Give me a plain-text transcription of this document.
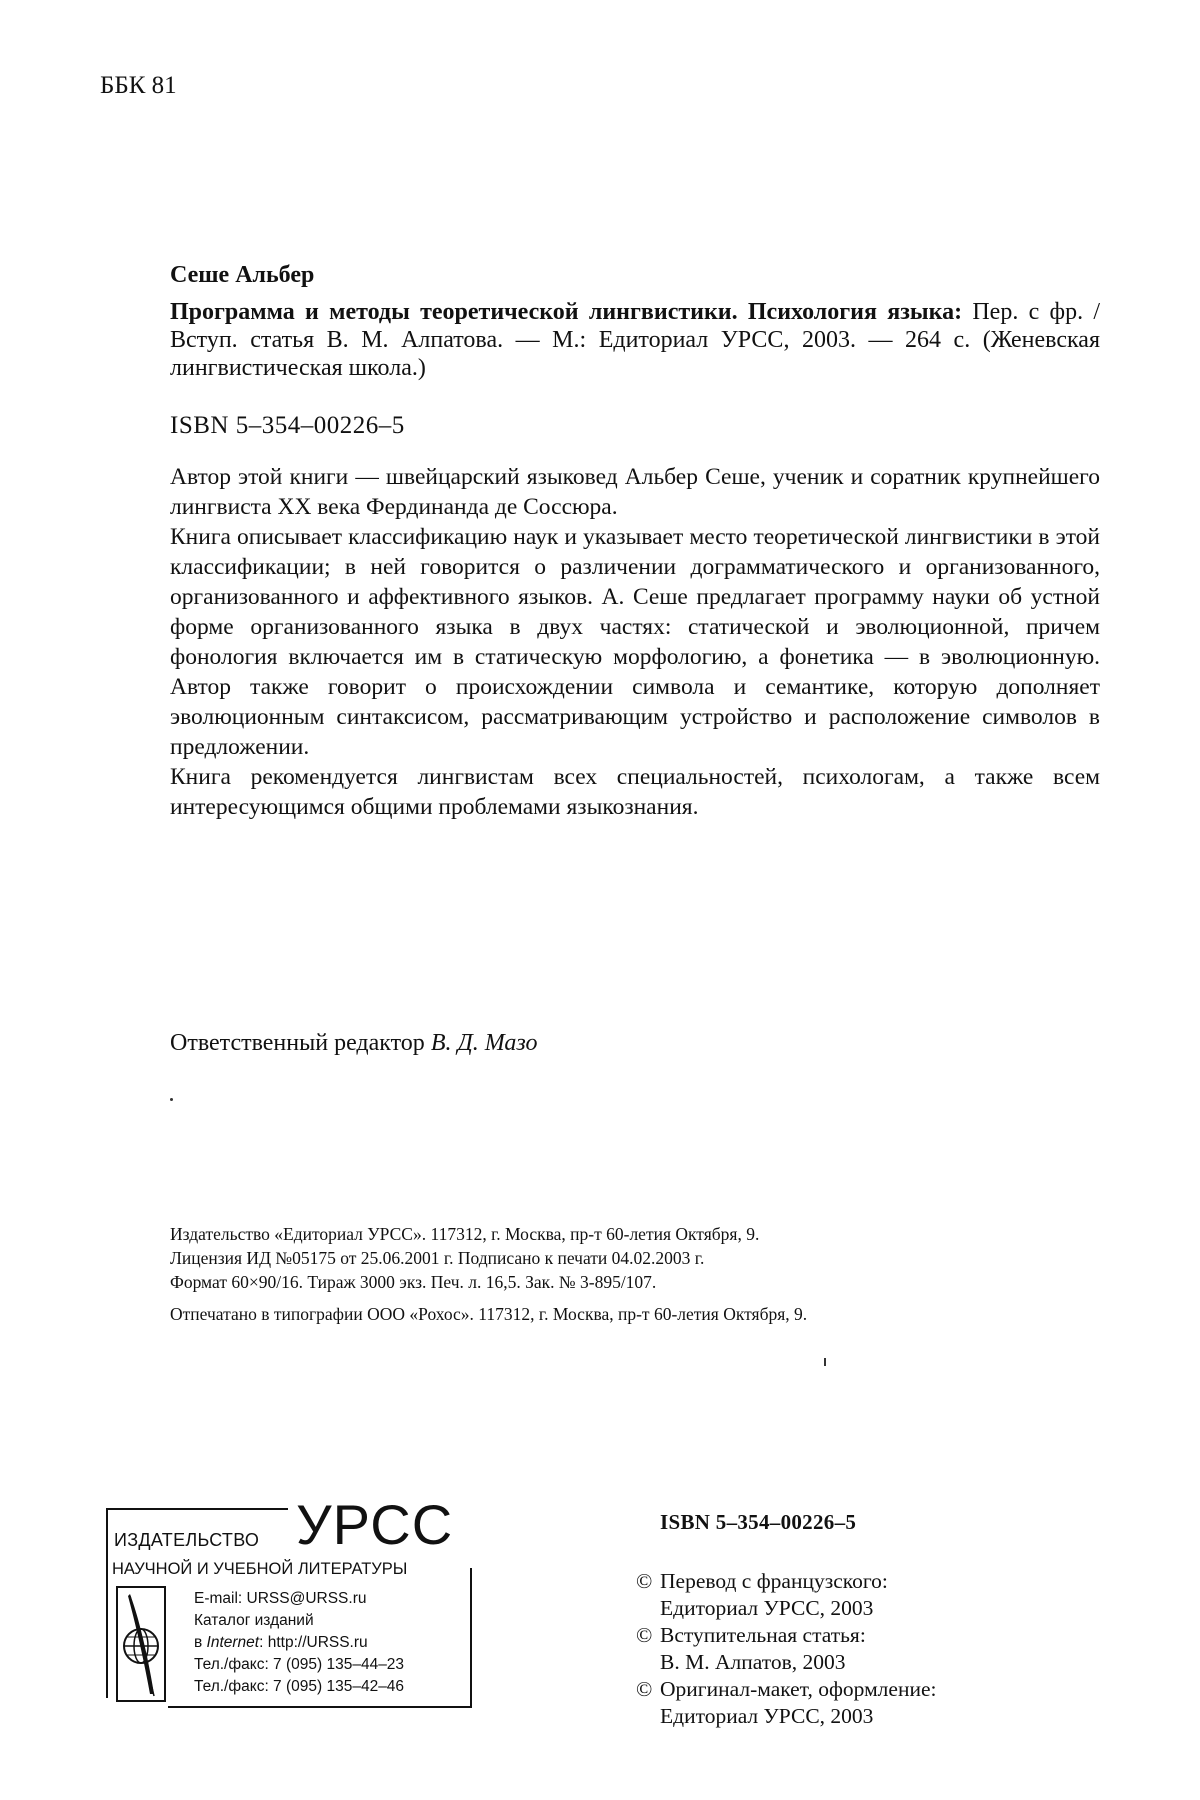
ББК 81
Сеше Альбер
Программа и методы теоретической лингвистики. Психология языка: Пер. с фр. / Вступ. статья В. М. Алпатова. — М.: Едиториал УРСС, 2003. — 264 с. (Женевская лингвистическая школа.)
ISBN 5–354–00226–5

Автор этой книги — швейцарский языковед Альбер Сеше, ученик и соратник крупнейшего лингвиста XX века Фердинанда де Соссюра.

Книга описывает классификацию наук и указывает место теоретической лингвистики в этой классификации; в ней говорится о различении дограмматического и организованного, организованного и аффективного языков. А. Сеше предлагает программу науки об устной форме организованного языка в двух частях: статической и эволюционной, причем фонология включается им в статическую морфологию, а фонетика — в эволюционную. Автор также говорит о происхождении символа и семантике, которую дополняет эволюционным синтаксисом, рассматривающим устройство и расположение символов в предложении.

Книга рекомендуется лингвистам всех специальностей, психологам, а также всем интересующимся общими проблемами языкознания.

Ответственный редактор В. Д. Мазо
Издательство «Едиториал УРСС». 117312, г. Москва, пр-т 60-летия Октября, 9.
Лицензия ИД №05175 от 25.06.2001 г. Подписано к печати 04.02.2003 г.
Формат 60×90/16. Тираж 3000 экз. Печ. л. 16,5. Зак. № 3-895/107.
Отпечатано в типографии ООО «Рохос». 117312, г. Москва, пр-т 60-летия Октября, 9.
ИЗДАТЕЛЬСТВО УРСС
НАУЧНОЙ И УЧЕБНОЙ ЛИТЕРАТУРЫ
E-mail: URSS@URSS.ru
Каталог изданий
в Internet: http://URSS.ru
Тел./факс: 7 (095) 135–44–23
Тел./факс: 7 (095) 135–42–46
ISBN 5–354–00226–5
© Перевод с французского:
Едиториал УРСС, 2003
© Вступительная статья:
В. М. Алпатов, 2003
© Оригинал-макет, оформление:
Едиториал УРСС, 2003
